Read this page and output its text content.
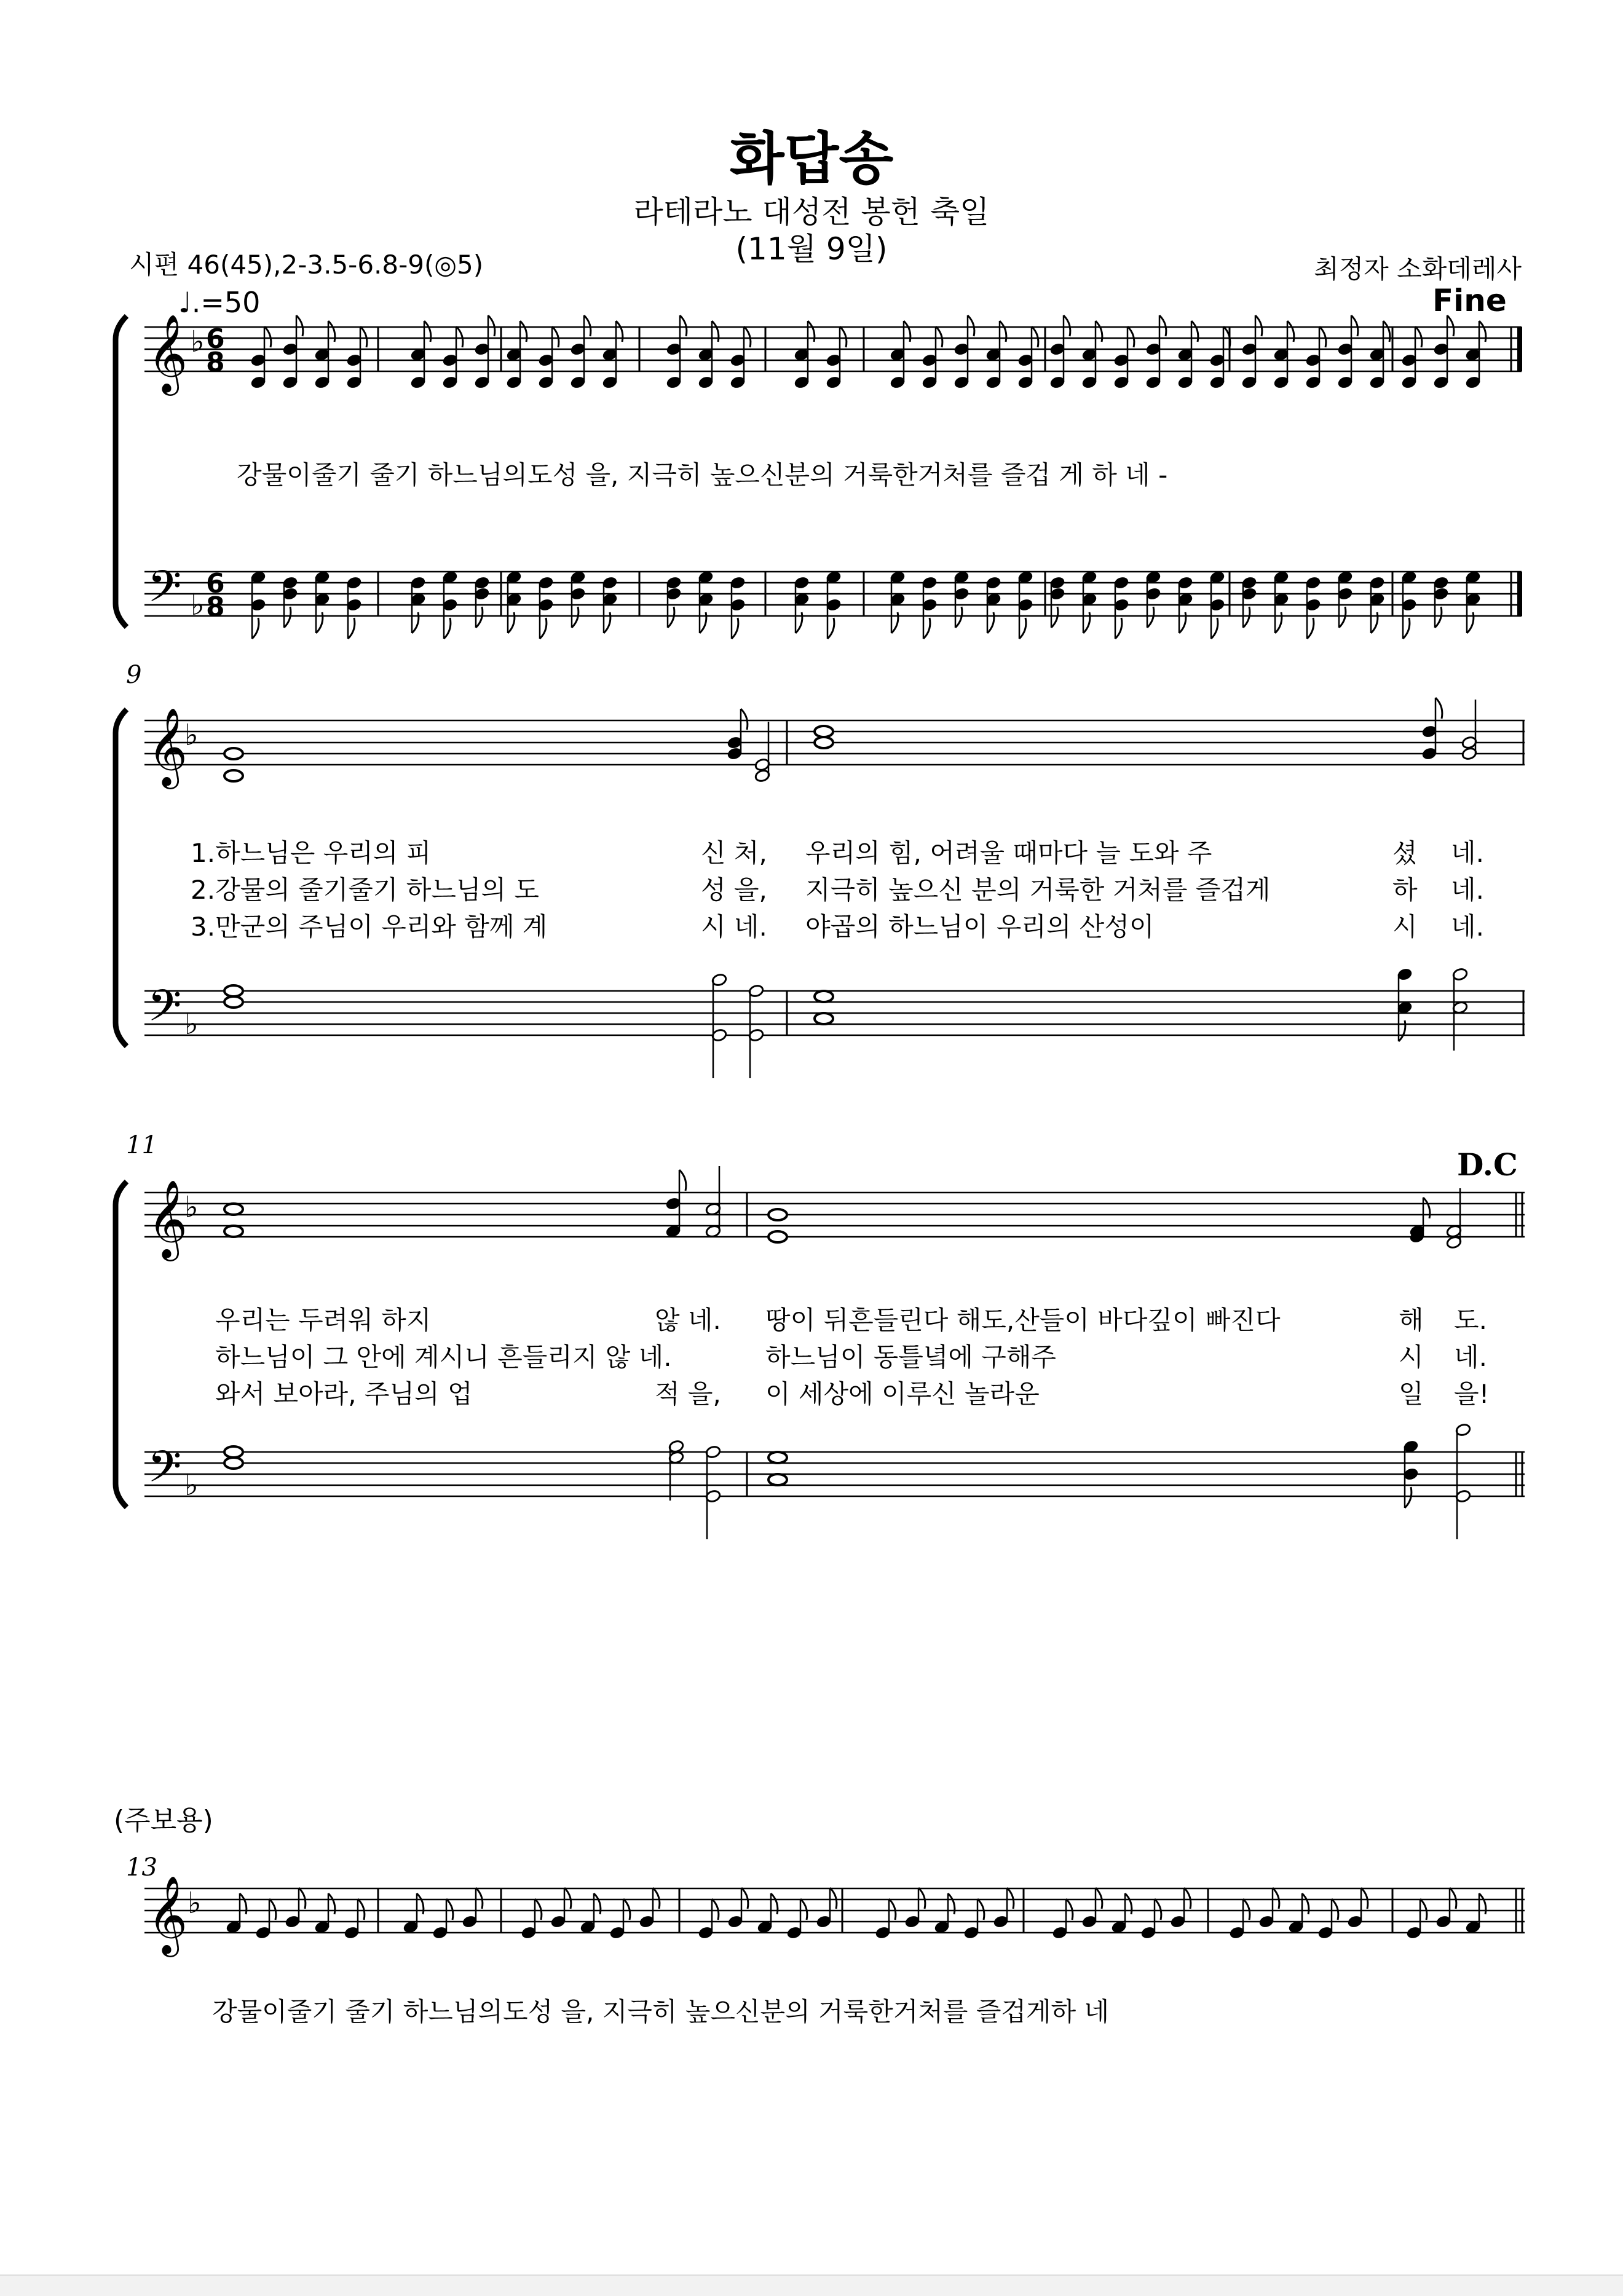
화답송
라테라노 대성전 봉헌 축일
(11월 9일)
시편 46(45),2-3.5-6.8-9(◎5)	최정자 소화데레사
♩.=50	Fine
강물이줄기 줄기 하느님의도성 을, 지극히 높으신분의 거룩한거처를 즐겁 게 하 네 -
9
1.하느님은 우리의 피	신 처, 우리의 힘, 어려울 때마다 늘 도와 주	셨 네.
2.강물의 줄기줄기 하느님의 도	성 을, 지극히 높으신 분의 거룩한 거처를 즐겁게	하 네.
3.만군의 주님이 우리와 함께 계	시 네. 야곱의 하느님이 우리의 산성이	시 네.
11
D.C
우리는 두려워 하지	않 네. 땅이 뒤흔들린다 해도,산들이 바다깊이 빠진다	해 도.
하느님이 그 안에 계시니 흔들리지 않 네.	하느님이 동틀녘에 구해주	시 네.
와서 보아라, 주님의 업	적 을, 이 세상에 이루신 놀라운	일 을!
(주보용)
13
강물이줄기 줄기 하느님의도성 을, 지극히 높으신분의 거룩한거처를 즐겁게하 네
𝄞
𝄢
♭
♭
6
8
6
8
𝄞
𝄢
♭
♭
𝄞
𝄢
♭
♭
𝄞 ♭
